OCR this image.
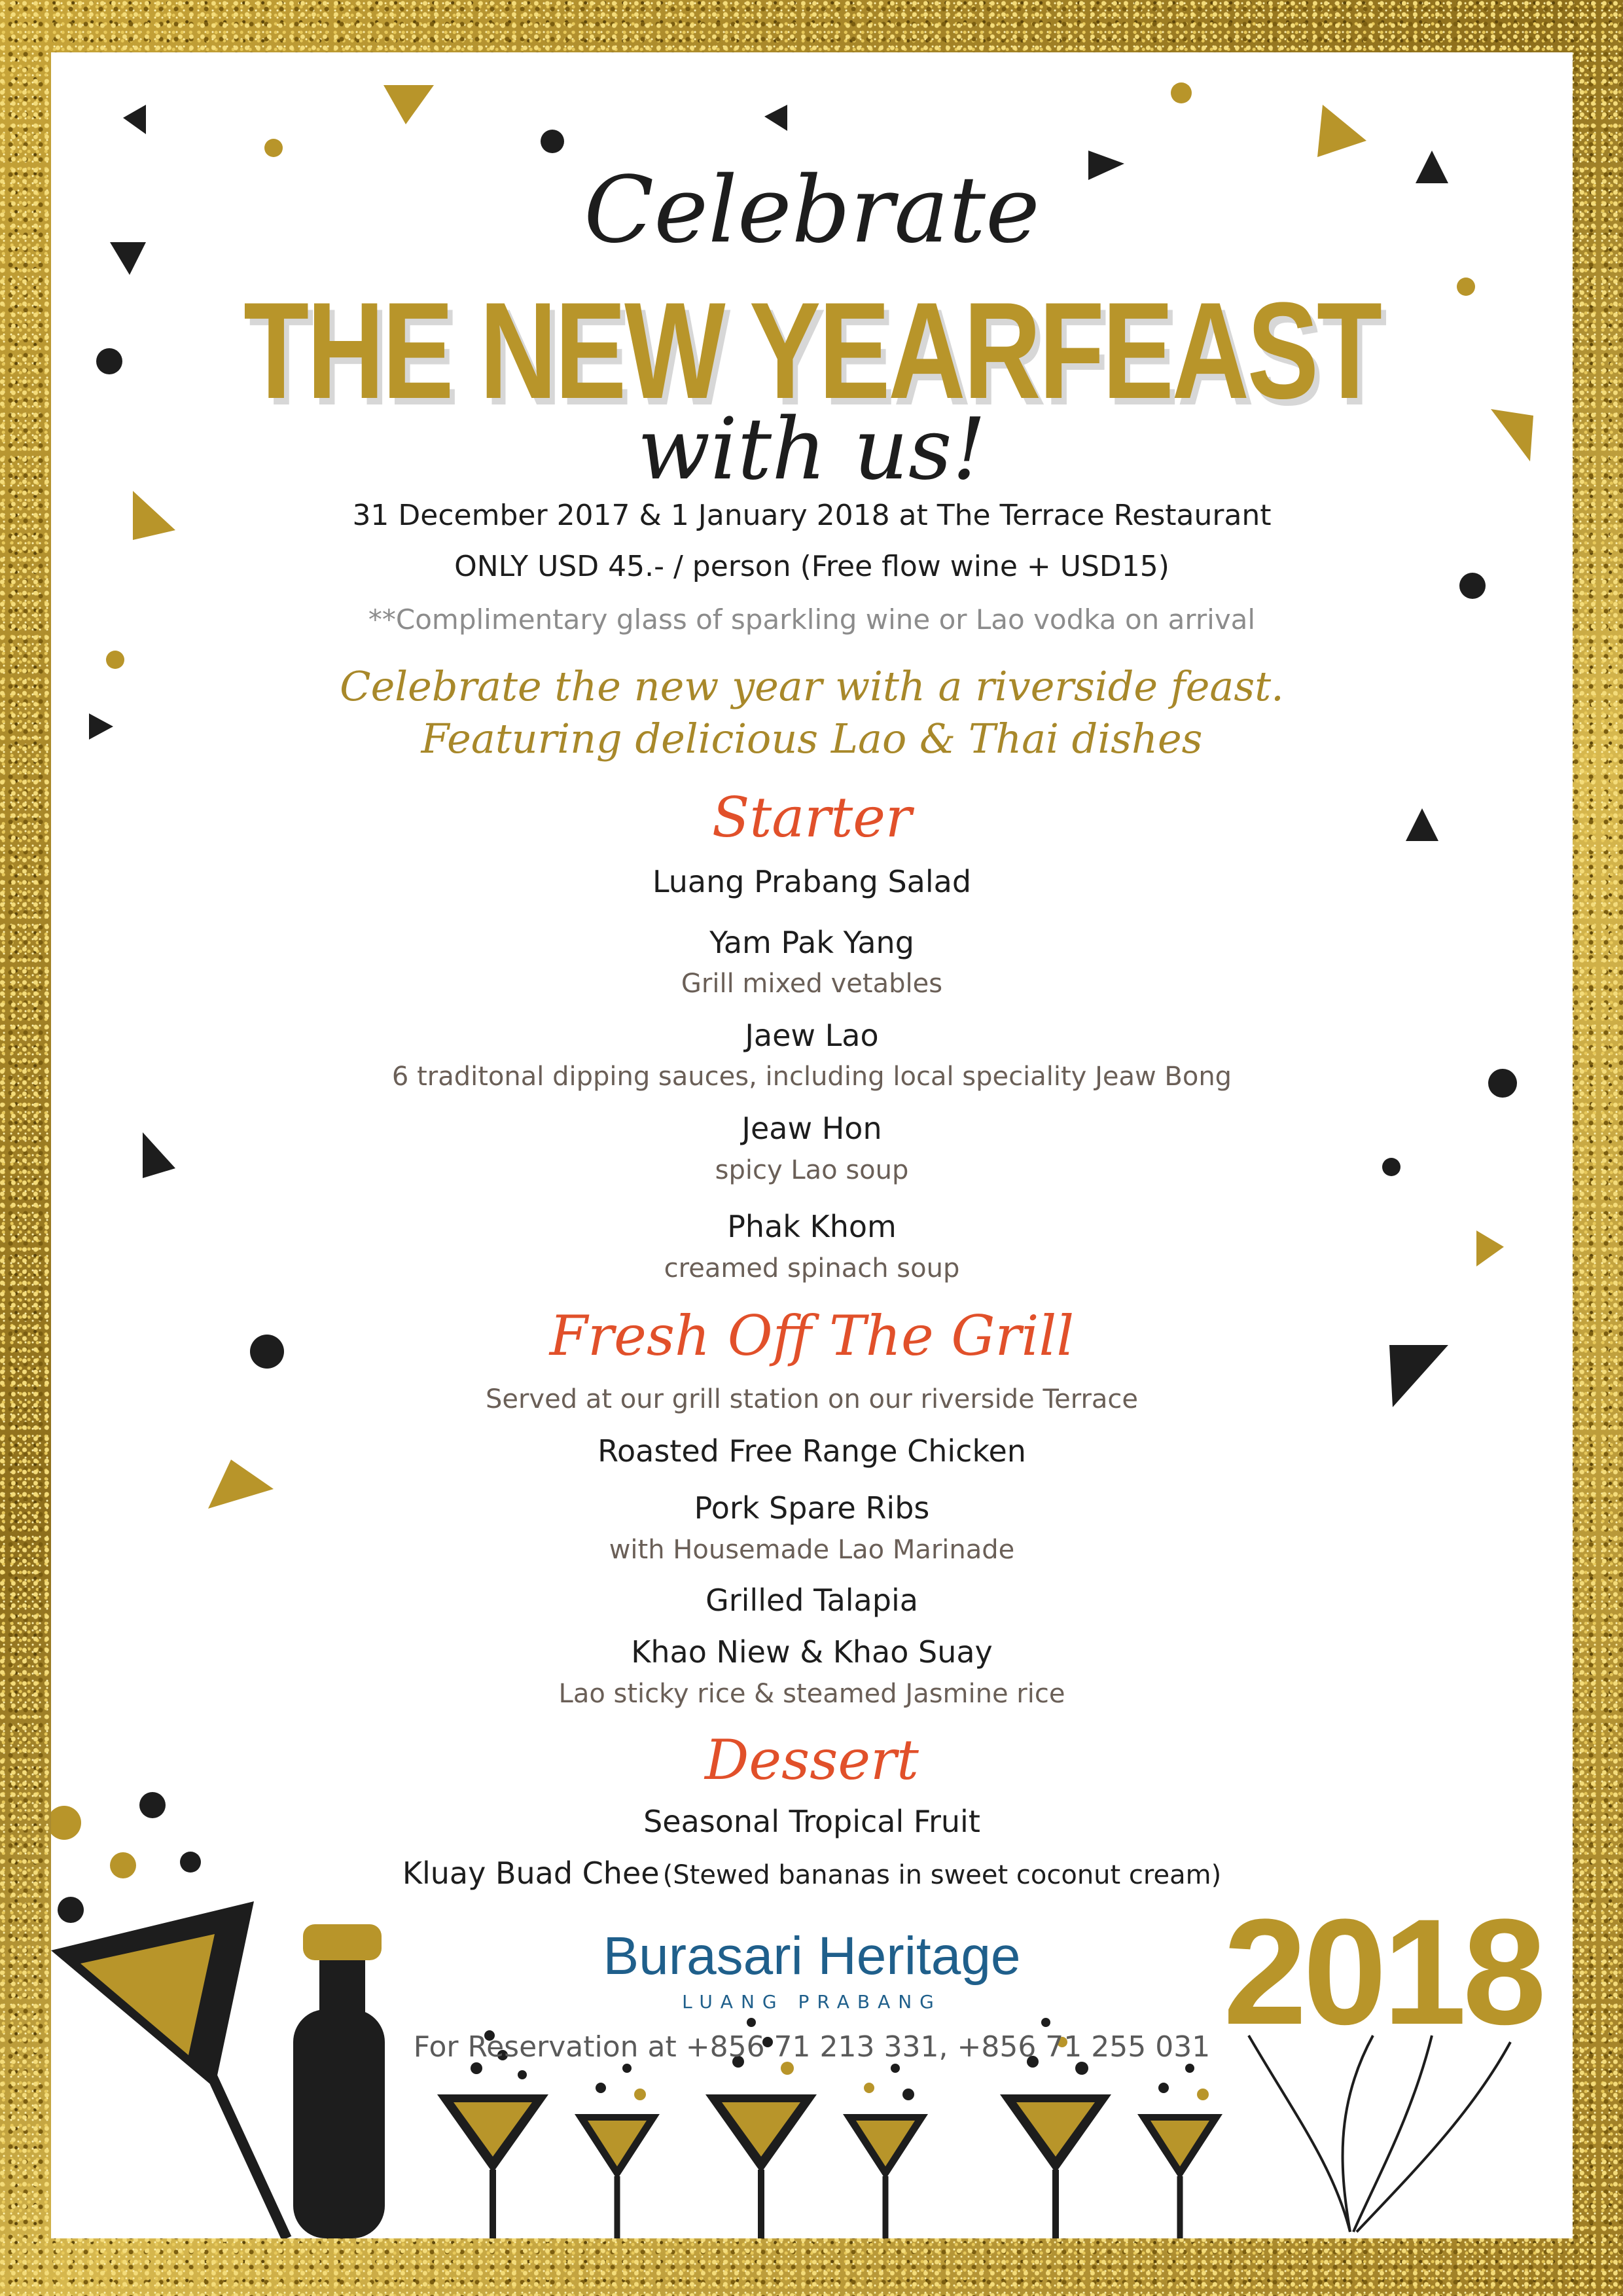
Celebrate
THE NEW YEARFEAST
with us!
31 December 2017 & 1 January 2018 at The Terrace Restaurant
ONLY USD 45.- / person (Free flow wine + USD15)
**Complimentary glass of sparkling wine or Lao vodka on arrival
Celebrate the new year with a riverside feast.
Featuring delicious Lao & Thai dishes
Starter
Luang Prabang Salad
Yam Pak Yang
Grill mixed vetables
Jaew Lao
6 traditonal dipping sauces, including local speciality Jeaw Bong
Jeaw Hon
spicy Lao soup
Phak Khom
creamed spinach soup
Fresh Off The Grill
Served at our grill station on our riverside Terrace
Roasted Free Range Chicken
Pork Spare Ribs
with Housemade Lao Marinade
Grilled Talapia
Khao Niew & Khao Suay
Lao sticky rice & steamed Jasmine rice
Dessert
Seasonal Tropical Fruit
Kluay Buad Chee (Stewed bananas in sweet coconut cream)
Burasari Heritage
LUANG PRABANG
For Reservation at +856 71 213 331, +856 71 255 031 2018
